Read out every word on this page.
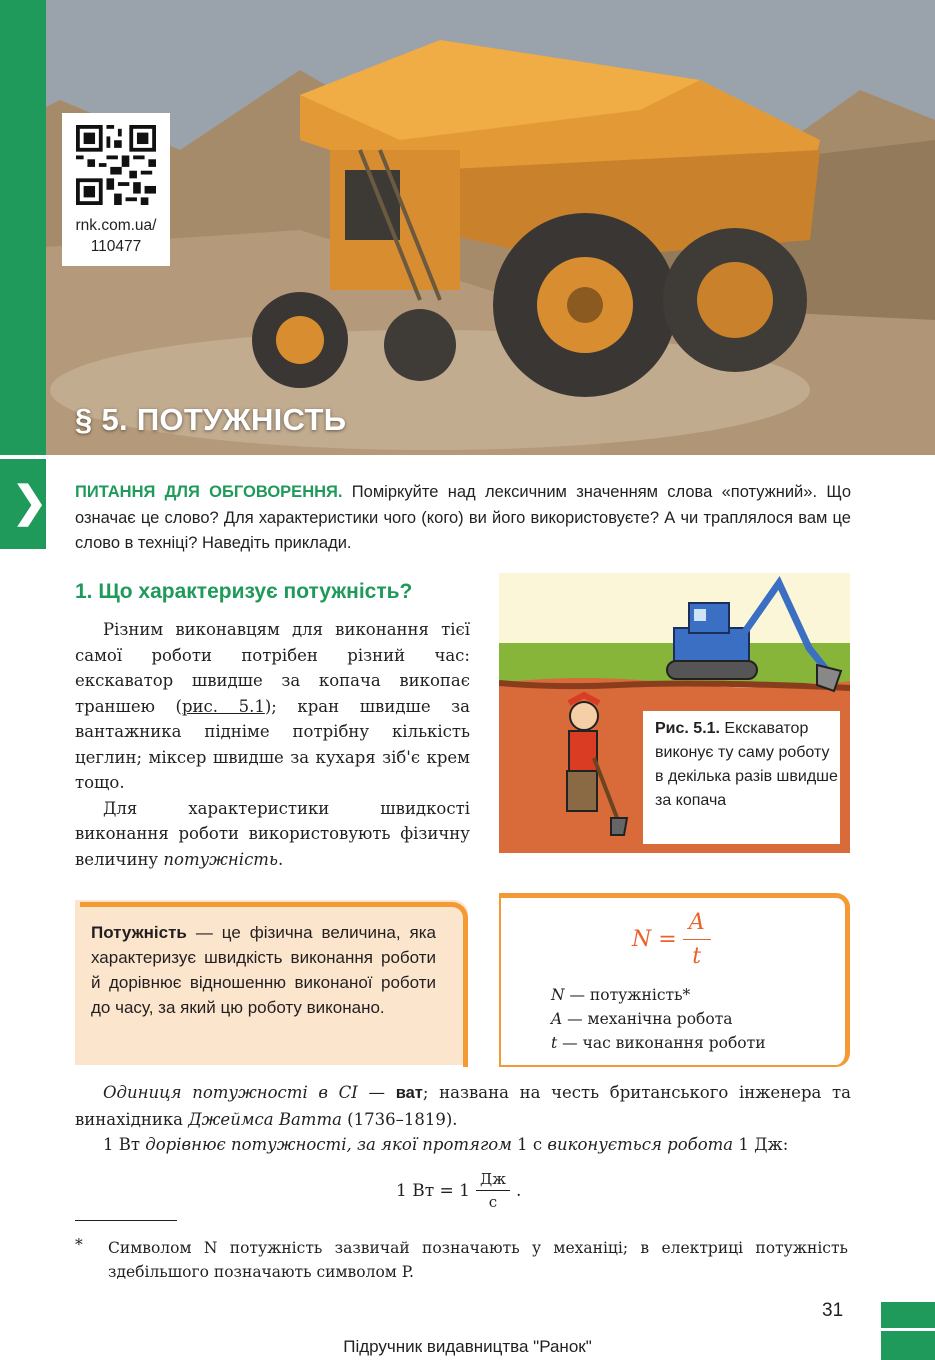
rnk.com.ua/
110477
§ 5. ПОТУЖНІСТЬ
❯ ПИТАННЯ ДЛЯ ОБГОВОРЕННЯ. Поміркуйте над лексичним значенням слова «потужний». Що означає це слово? Для характеристики чого (кого) ви його використовуєте? А чи траплялося вам це слово в техніці? Наведіть приклади.
1. Що характеризує потужність?
Різним виконавцям для виконання тієї самої роботи потрібен різний час: екскаватор швидше за копача викопає траншею (рис. 5.1); кран швидше за вантажника підніме потрібну кількість цеглин; міксер швидше за кухаря зіб'є крем тощо.
Для характеристики швидкості виконання роботи використовують фізичну величину потужність.
Рис. 5.1. Екскаватор виконує ту саму роботу в декілька разів швидше за копача
Потужність — це фізична величина, яка характеризує швидкість виконання роботи й дорівнює відношенню виконаної роботи до часу, за який цю роботу виконано.
N =	
A
t
N — потужність*
A — механічна робота
t — час виконання роботи
Одиниця потужності в СІ — ват; названа на честь британського інженера та винахідника Джеймса Ватта (1736–1819).
1 Вт дорівнює потужності, за якої протягом 1 с виконується робота 1 Дж:
1 Вт = 1	
Дж
с
	.
* Символом N потужність зазвичай позначають у механіці; в електриці потужність здебільшого позначають символом P.
31
Підручник видавництва "Ранок"
